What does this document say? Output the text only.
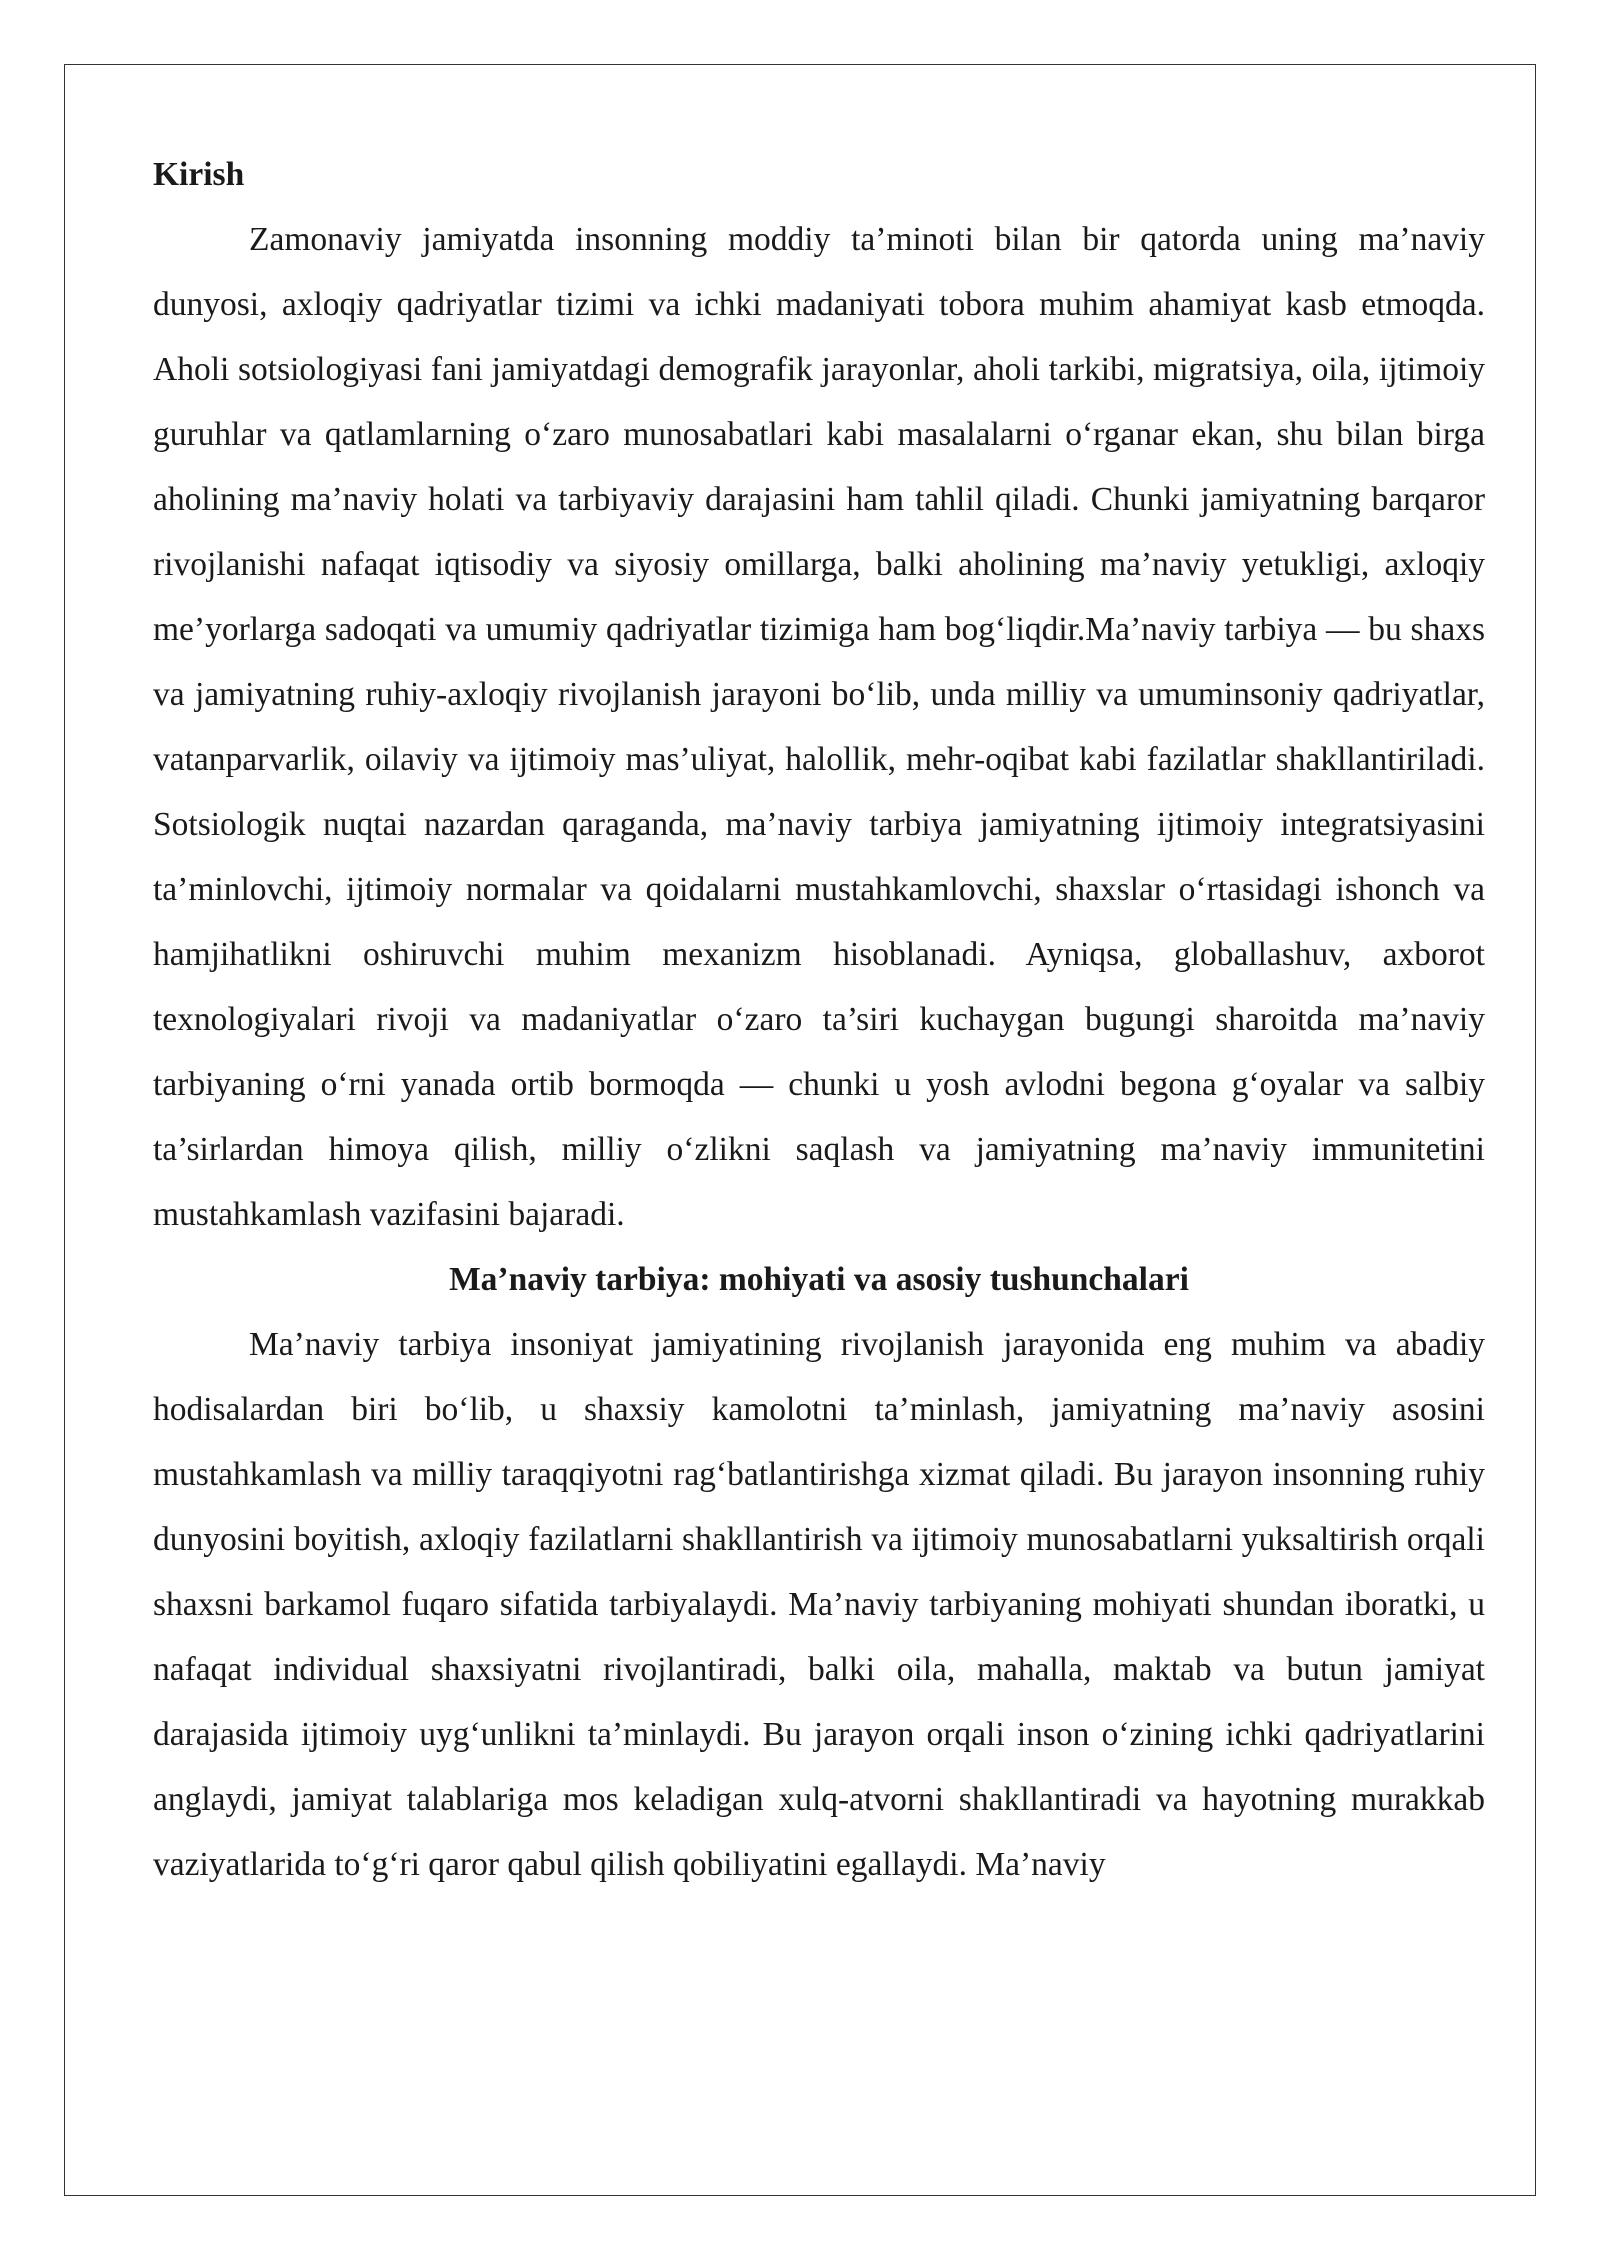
Kirish

Zamonaviy jamiyatda insonning moddiy ta’minoti bilan bir qatorda uning ma’naviy dunyosi, axloqiy qadriyatlar tizimi va ichki madaniyati tobora muhim ahamiyat kasb etmoqda. Aholi sotsiologiyasi fani jamiyatdagi demografik jarayonlar, aholi tarkibi, migratsiya, oila, ijtimoiy guruhlar va qatlamlarning o‘zaro munosabatlari kabi masalalarni o‘rganar ekan, shu bilan birga aholining ma’naviy holati va tarbiyaviy darajasini ham tahlil qiladi. Chunki jamiyatning barqaror rivojlanishi nafaqat iqtisodiy va siyosiy omillarga, balki aholining ma’naviy yetukligi, axloqiy me’yorlarga sadoqati va umumiy qadriyatlar tizimiga ham bog‘liqdir.Ma’naviy tarbiya — bu shaxs va jamiyatning ruhiy-axloqiy rivojlanish jarayoni bo‘lib, unda milliy va umuminsoniy qadriyatlar, vatanparvarlik, oilaviy va ijtimoiy mas’uliyat, halollik, mehr-oqibat kabi fazilatlar shakllantiriladi. Sotsiologik nuqtai nazardan qaraganda, ma’naviy tarbiya jamiyatning ijtimoiy integratsiyasini ta’minlovchi, ijtimoiy normalar va qoidalarni mustahkamlovchi, shaxslar o‘rtasidagi ishonch va hamjihatlikni oshiruvchi muhim mexanizm hisoblanadi. Ayniqsa, globallashuv, axborot texnologiyalari rivoji va madaniyatlar o‘zaro ta’siri kuchaygan bugungi sharoitda ma’naviy tarbiyaning o‘rni yanada ortib bormoqda — chunki u yosh avlodni begona g‘oyalar va salbiy ta’sirlardan himoya qilish, milliy o‘zlikni saqlash va jamiyatning ma’naviy immunitetini mustahkamlash vazifasini bajaradi.

Ma’naviy tarbiya: mohiyati va asosiy tushunchalari

Ma’naviy tarbiya insoniyat jamiyatining rivojlanish jarayonida eng muhim va abadiy hodisalardan biri bo‘lib, u shaxsiy kamolotni ta’minlash, jamiyatning ma’naviy asosini mustahkamlash va milliy taraqqiyotni rag‘batlantirishga xizmat qiladi. Bu jarayon insonning ruhiy dunyosini boyitish, axloqiy fazilatlarni shakllantirish va ijtimoiy munosabatlarni yuksaltirish orqali shaxsni barkamol fuqaro sifatida tarbiyalaydi. Ma’naviy tarbiyaning mohiyati shundan iboratki, u nafaqat individual shaxsiyatni rivojlantiradi, balki oila, mahalla, maktab va butun jamiyat darajasida ijtimoiy uyg‘unlikni ta’minlaydi. Bu jarayon orqali inson o‘zining ichki qadriyatlarini anglaydi, jamiyat talablariga mos keladigan xulq-atvorni shakllantiradi va hayotning murakkab vaziyatlarida to‘g‘ri qaror qabul qilish qobiliyatini egallaydi. Ma’naviy
